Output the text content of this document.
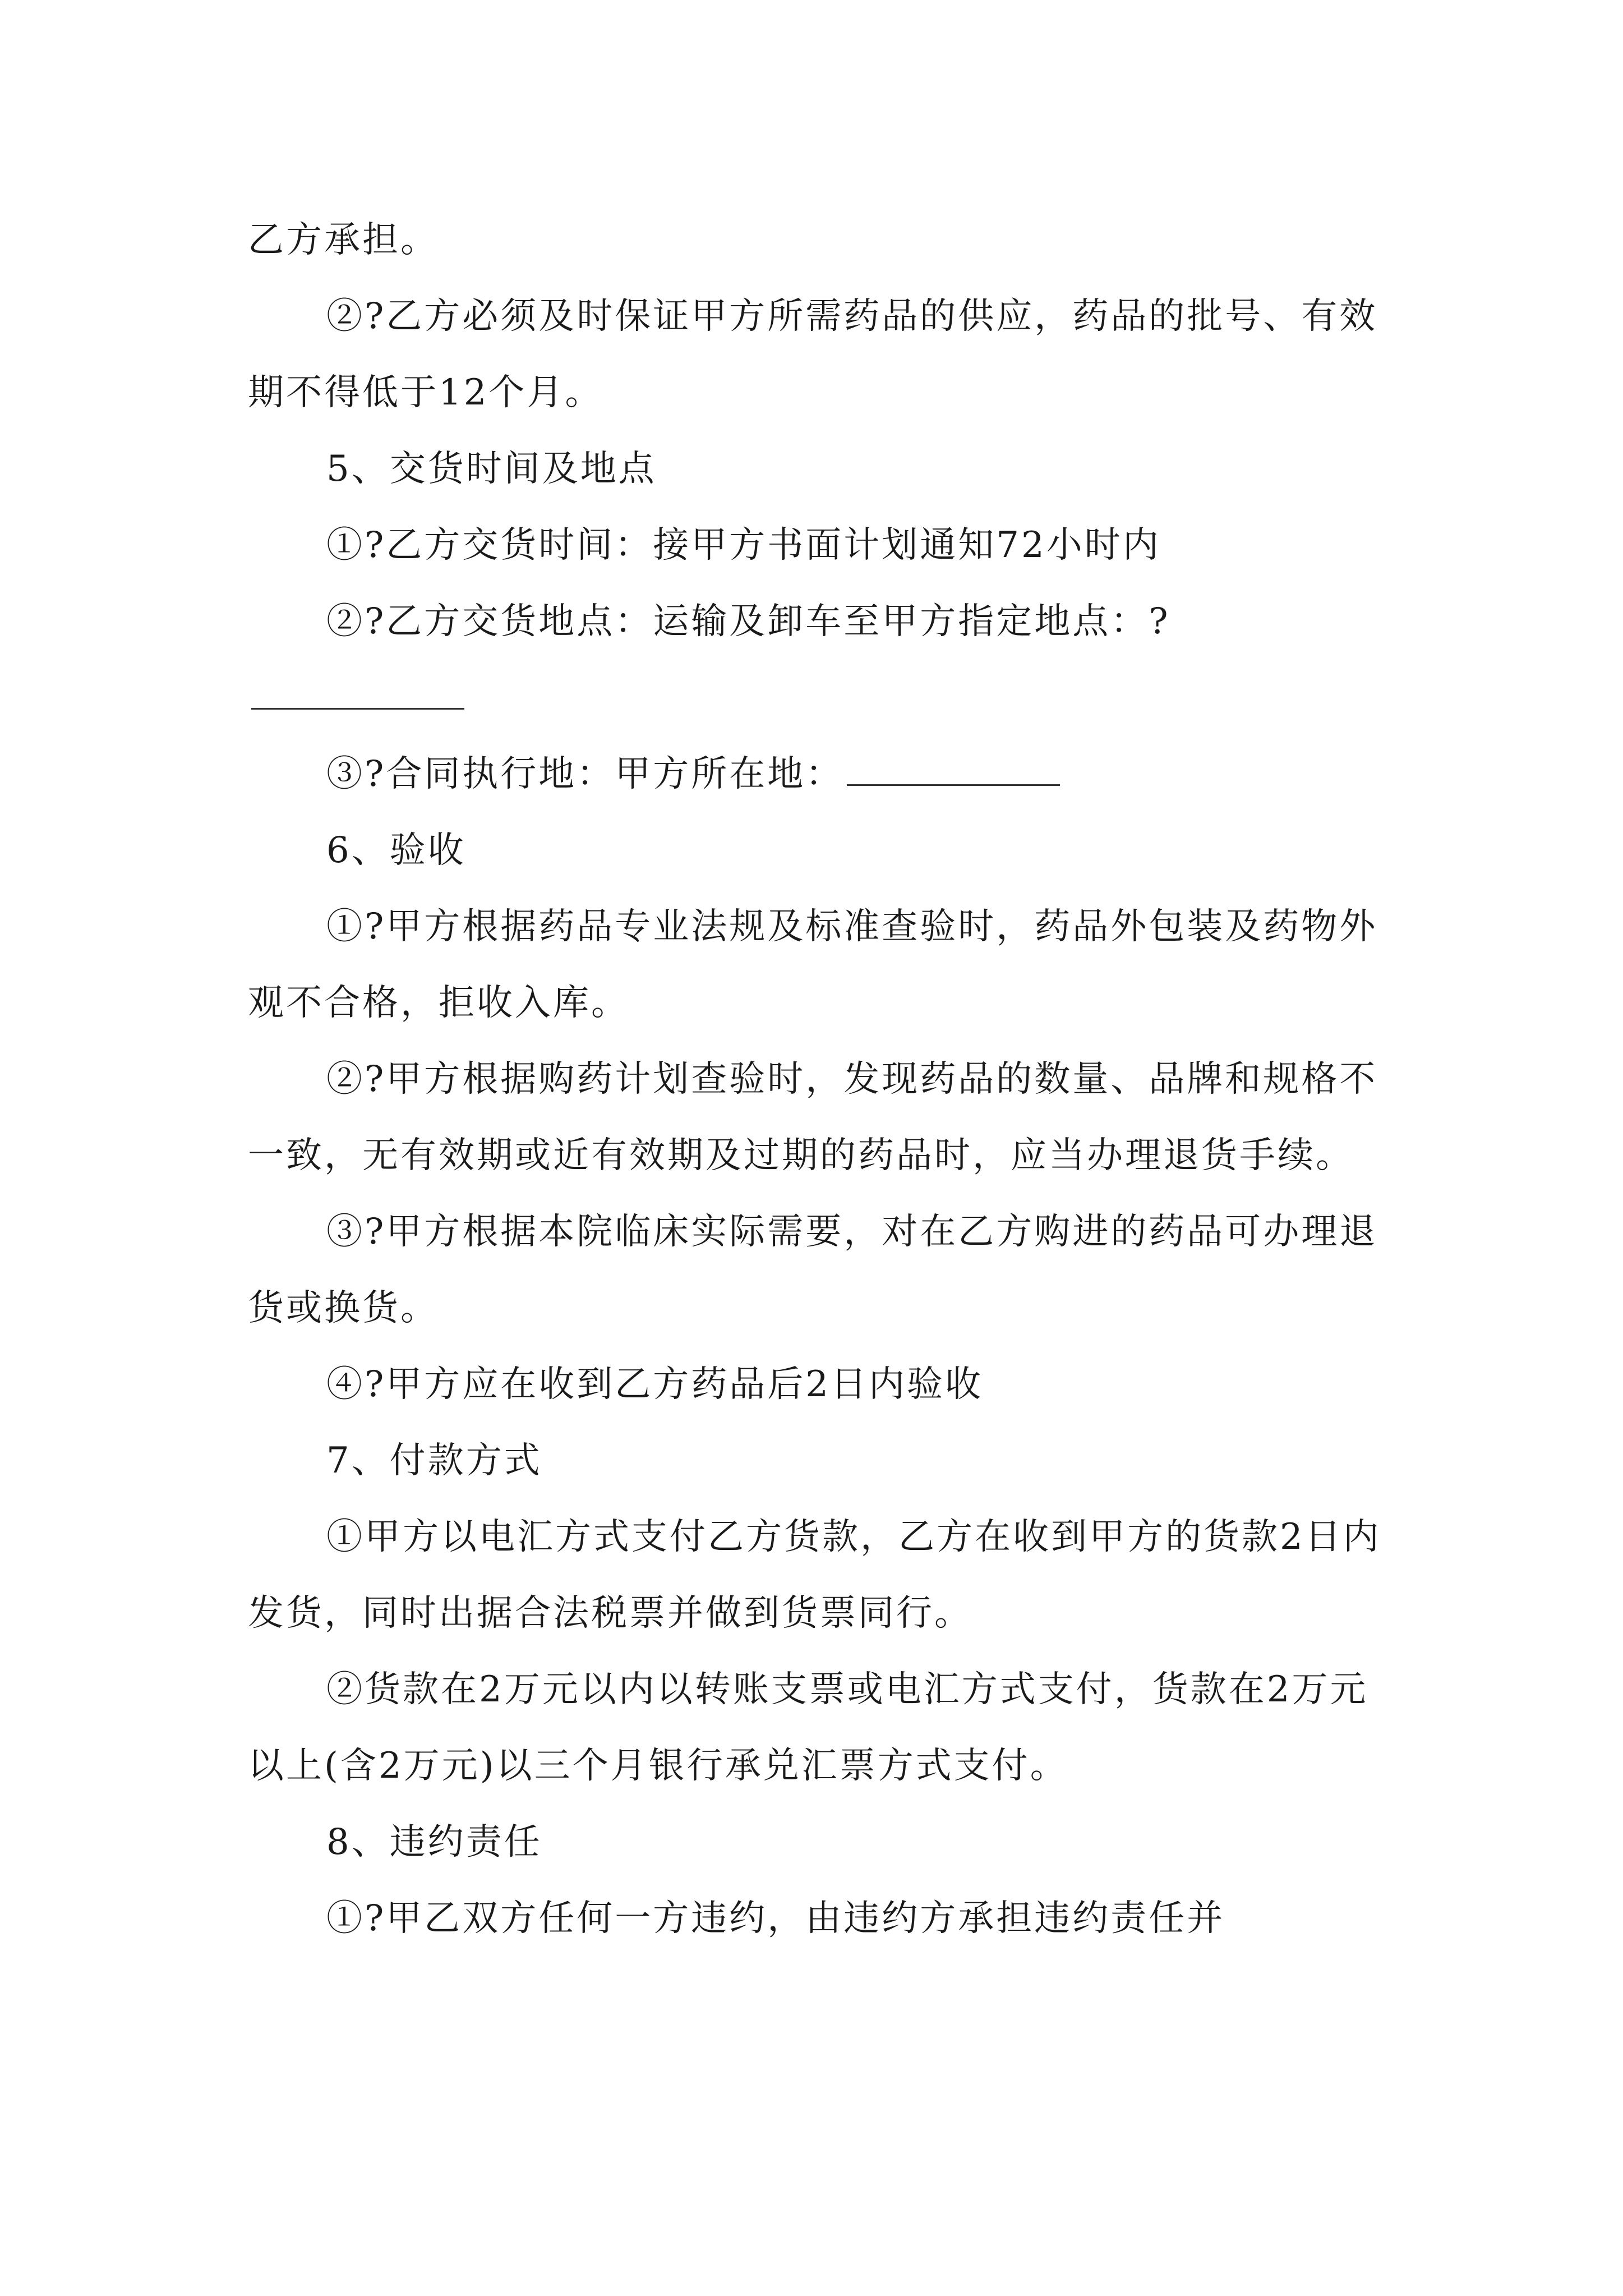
乙方承担。

②?乙方必须及时保证甲方所需药品的供应，药品的批号、有效期不得低于12个月。

5、交货时间及地点

①?乙方交货时间：接甲方书面计划通知72小时内

②?乙方交货地点：运输及卸车至甲方指定地点：?

③?合同执行地：甲方所在地：

6、验收

①?甲方根据药品专业法规及标准查验时，药品外包装及药物外观不合格，拒收入库。

②?甲方根据购药计划查验时，发现药品的数量、品牌和规格不一致，无有效期或近有效期及过期的药品时，应当办理退货手续。

③?甲方根据本院临床实际需要，对在乙方购进的药品可办理退货或换货。

④?甲方应在收到乙方药品后2日内验收

7、付款方式

①甲方以电汇方式支付乙方货款，乙方在收到甲方的货款2日内发货，同时出据合法税票并做到货票同行。

②货款在2万元以内以转账支票或电汇方式支付，货款在2万元以上(含2万元)以三个月银行承兑汇票方式支付。

8、违约责任

①?甲乙双方任何一方违约，由违约方承担违约责任并
